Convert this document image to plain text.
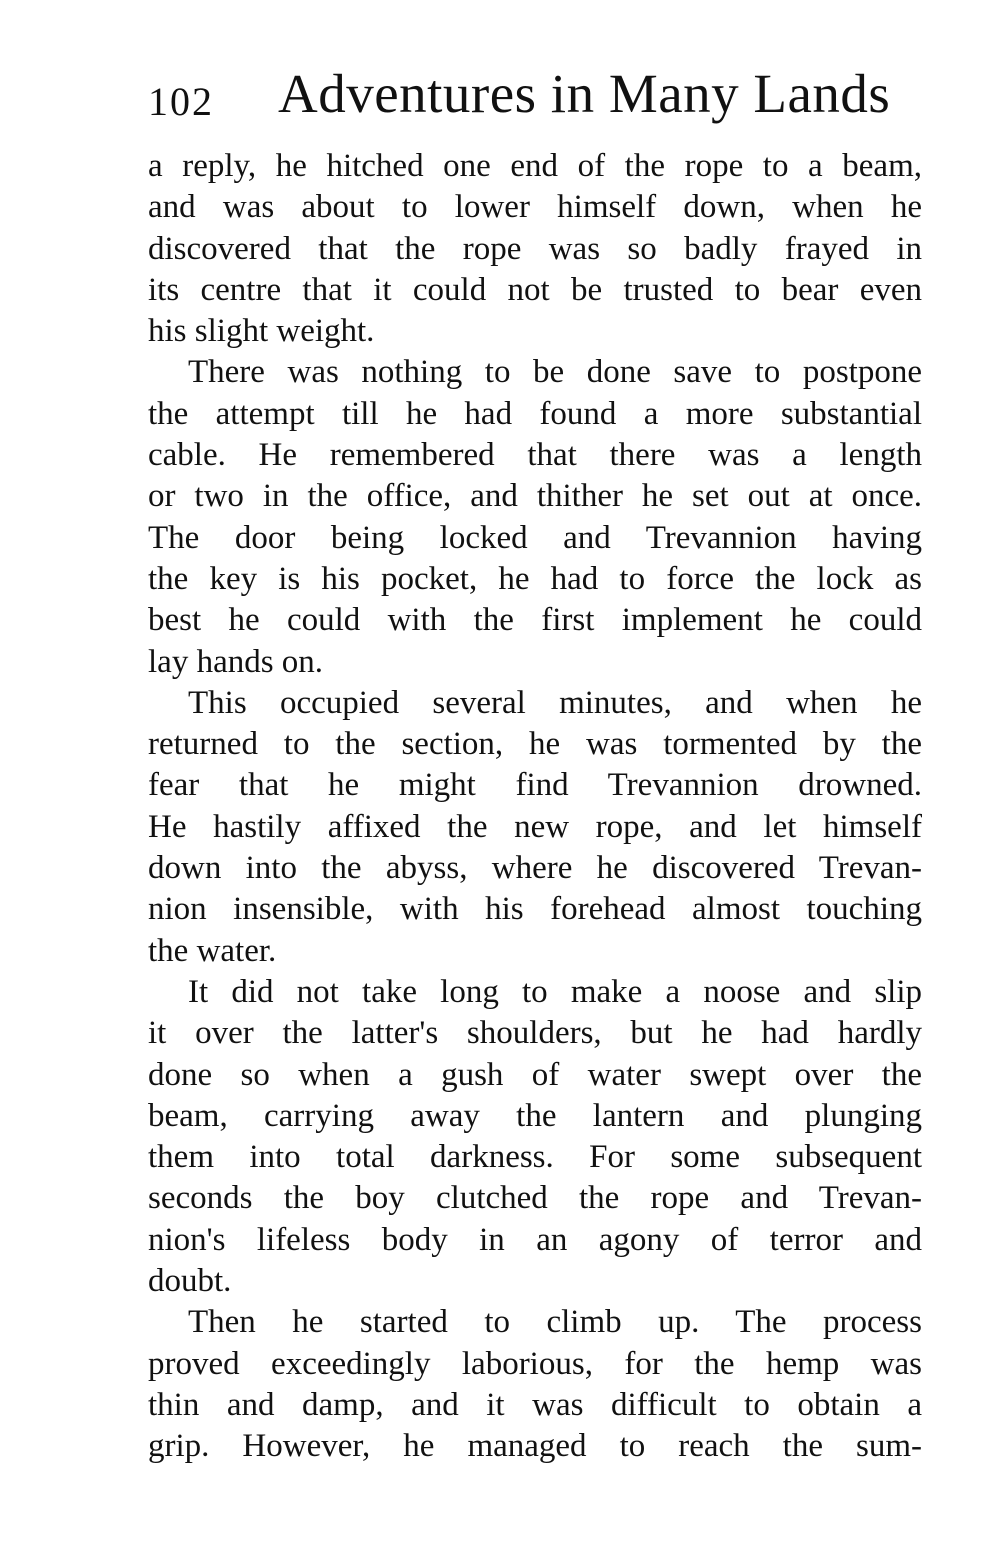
102 Adventures in Many Lands
a reply, he hitched one end of the rope to a beam,
and was about to lower himself down, when he
discovered that the rope was so badly frayed in
its centre that it could not be trusted to bear even
his slight weight.
There was nothing to be done save to postpone
the attempt till he had found a more substantial
cable. He remembered that there was a length
or two in the office, and thither he set out at once.
The door being locked and Trevannion having
the key is his pocket, he had to force the lock as
best he could with the first implement he could
lay hands on.
This occupied several minutes, and when he
returned to the section, he was tormented by the
fear that he might find Trevannion drowned.
He hastily affixed the new rope, and let himself
down into the abyss, where he discovered Trevan-
nion insensible, with his forehead almost touching
the water.
It did not take long to make a noose and slip
it over the latter's shoulders, but he had hardly
done so when a gush of water swept over the
beam, carrying away the lantern and plunging
them into total darkness. For some subsequent
seconds the boy clutched the rope and Trevan-
nion's lifeless body in an agony of terror and
doubt.
Then he started to climb up. The process
proved exceedingly laborious, for the hemp was
thin and damp, and it was difficult to obtain a
grip. However, he managed to reach the sum-
